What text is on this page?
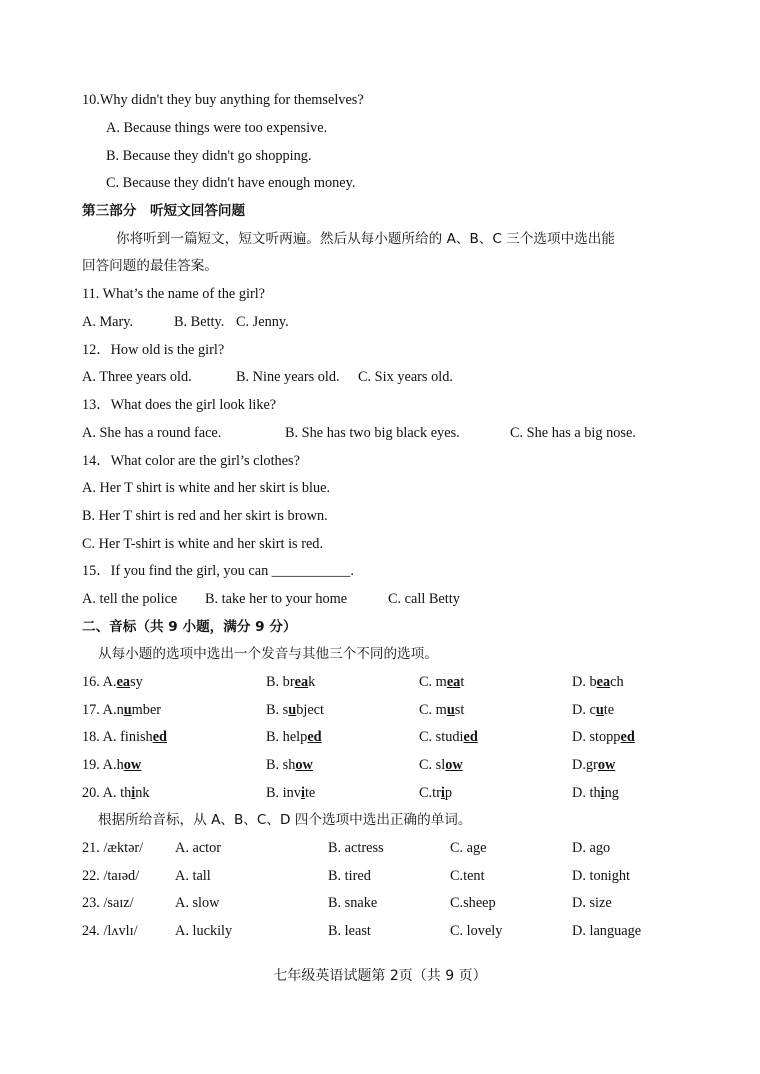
10.Why didn't they buy anything for themselves?
A. Because things were too expensive.
B. Because they didn't go shopping.
C. Because they didn't have enough money.
第三部分　听短文回答问题
你将听到一篇短文，短文听两遍。然后从每小题所给的 A、B、C 三个选项中选出能
回答问题的最佳答案。
11. What’s the name of the girl?
A. Mary.	B. Betty. C. Jenny.
12．How old is the girl?
A. Three years old.	B. Nine years old. C. Six years old.
13．What does the girl look like?
A. She has a round face.	B. She has two big black eyes.	C. She has a big nose.
14．What color are the girl’s clothes?
A. Her T shirt is white and her skirt is blue.
B. Her T shirt is red and her skirt is brown.
C. Her T-shirt is white and her skirt is red.
15．If you find the girl, you can ___________.
A. tell the police B. take her to your home	C. call Betty
二、音标（共 9 小题，满分 9 分）
从每小题的选项中选出一个发音与其他三个不同的选项。
16. A.easy	B. break	C. meat	D. beach
17. A.number	B. subject	C. must	D. cute
18. A. finished	B. helped	C. studied	D. stopped
19. A.how	B. show	C. slow	D.grow
20. A. think	B. invite	C.trip	D. thing
根据所给音标，从 A、B、C、D 四个选项中选出正确的单词。
21. /æktər/ A. actor	B. actress	C. age	D. ago
22. /taɪəd/	A. tall	B. tired	C.tent	D. tonight
23. /saɪz/	A. slow	B. snake	C.sheep	D. size
24. /lʌvlɪ/	A. luckily	B. least	C. lovely	D. language
七年级英语试题第 2页（共 9 页）
